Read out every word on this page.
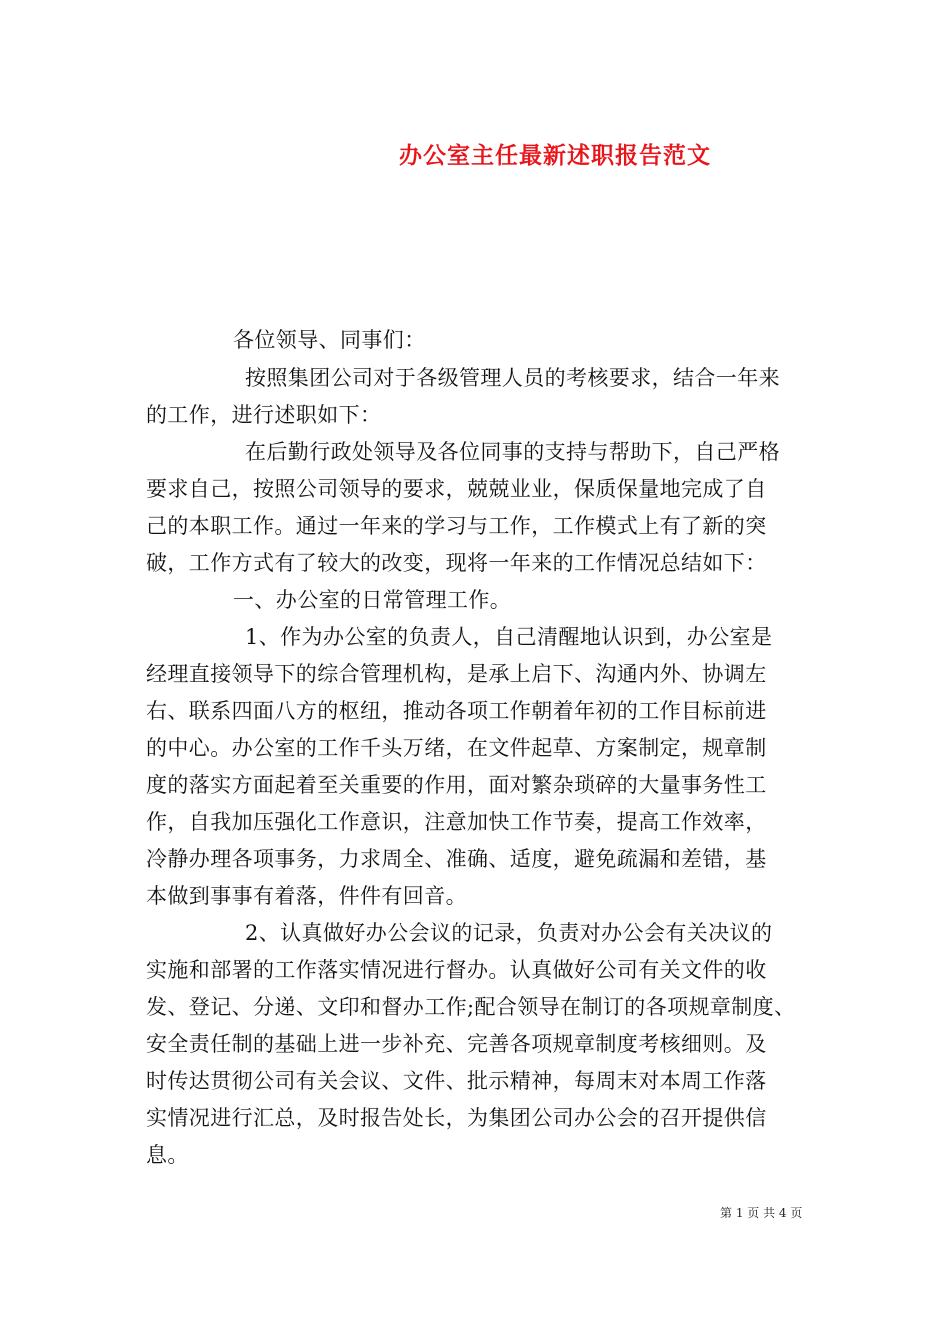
办公室主任最新述职报告范文
各位领导、同事们：
按照集团公司对于各级管理人员的考核要求，结合一年来
的工作，进行述职如下：
在后勤行政处领导及各位同事的支持与帮助下，自己严格
要求自己，按照公司领导的要求，兢兢业业，保质保量地完成了自
己的本职工作。通过一年来的学习与工作，工作模式上有了新的突
破，工作方式有了较大的改变，现将一年来的工作情况总结如下：
一、办公室的日常管理工作。
1、作为办公室的负责人，自己清醒地认识到，办公室是
经理直接领导下的综合管理机构，是承上启下、沟通内外、协调左
右、联系四面八方的枢纽，推动各项工作朝着年初的工作目标前进
的中心。办公室的工作千头万绪，在文件起草、方案制定，规章制
度的落实方面起着至关重要的作用，面对繁杂琐碎的大量事务性工
作，自我加压强化工作意识，注意加快工作节奏，提高工作效率，
冷静办理各项事务，力求周全、准确、适度，避免疏漏和差错，基
本做到事事有着落，件件有回音。
2、认真做好办公会议的记录，负责对办公会有关决议的
实施和部署的工作落实情况进行督办。认真做好公司有关文件的收
发、登记、分递、文印和督办工作;配合领导在制订的各项规章制度、
安全责任制的基础上进一步补充、完善各项规章制度考核细则。及
时传达贯彻公司有关会议、文件、批示精神，每周末对本周工作落
实情况进行汇总，及时报告处长，为集团公司办公会的召开提供信
息。
第 1 页 共 4 页
